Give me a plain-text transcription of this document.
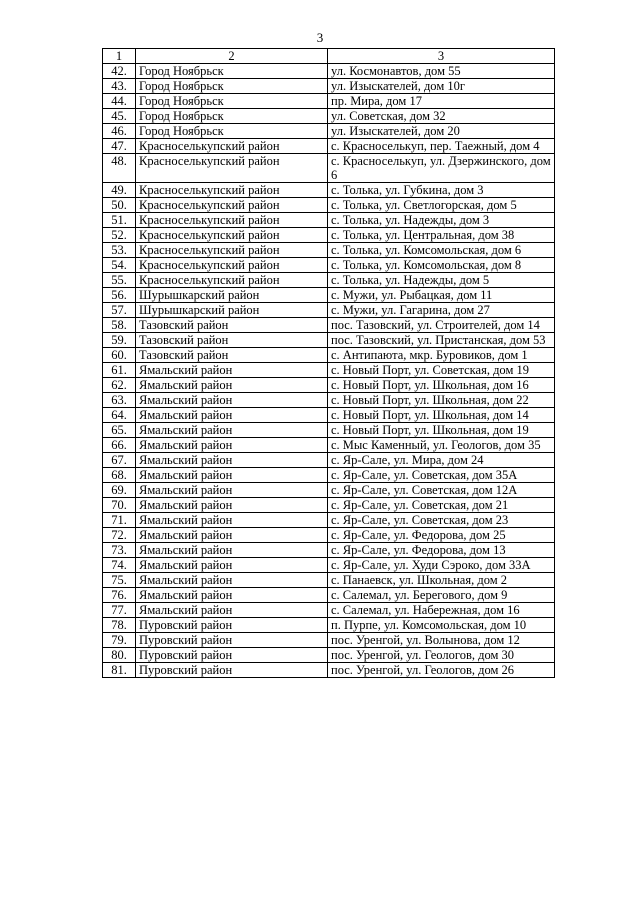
3
1	2	3
42.	Город Ноябрьск	ул. Космонавтов, дом 55
43.	Город Ноябрьск	ул. Изыскателей, дом 10г
44.	Город Ноябрьск	пр. Мира, дом 17
45.	Город Ноябрьск	ул. Советская, дом 32
46.	Город Ноябрьск	ул. Изыскателей, дом 20
47.	Красноселькупский район	с. Красноселькуп, пер. Таежный, дом 4
48.	Красноселькупский район	с. Красноселькуп, ул. Дзержинского, дом 6
49.	Красноселькупский район	с. Толька, ул. Губкина, дом 3
50.	Красноселькупский район	с. Толька, ул. Светлогорская, дом 5
51.	Красноселькупский район	с. Толька, ул. Надежды, дом 3
52.	Красноселькупский район	с. Толька, ул. Центральная, дом 38
53.	Красноселькупский район	с. Толька, ул. Комсомольская, дом 6
54.	Красноселькупский район	с. Толька, ул. Комсомольская, дом 8
55.	Красноселькупский район	с. Толька, ул. Надежды, дом 5
56.	Шурышкарский район	с. Мужи, ул. Рыбацкая, дом 11
57.	Шурышкарский район	с. Мужи, ул. Гагарина, дом 27
58.	Тазовский район	пос. Тазовский, ул. Строителей, дом 14
59.	Тазовский район	пос. Тазовский, ул. Пристанская, дом 53
60.	Тазовский район	с. Антипаюта, мкр. Буровиков, дом 1
61.	Ямальский район	с. Новый Порт, ул. Советская, дом 19
62.	Ямальский район	с. Новый Порт, ул. Школьная, дом 16
63.	Ямальский район	с. Новый Порт, ул. Школьная, дом 22
64.	Ямальский район	с. Новый Порт, ул. Школьная, дом 14
65.	Ямальский район	с. Новый Порт, ул. Школьная, дом 19
66.	Ямальский район	с. Мыс Каменный, ул. Геологов, дом 35
67.	Ямальский район	с. Яр-Сале, ул. Мира, дом 24
68.	Ямальский район	с. Яр-Сале, ул. Советская, дом 35А
69.	Ямальский район	с. Яр-Сале, ул. Советская, дом 12А
70.	Ямальский район	с. Яр-Сале, ул. Советская, дом 21
71.	Ямальский район	с. Яр-Сале, ул. Советская, дом 23
72.	Ямальский район	с. Яр-Сале, ул. Федорова, дом 25
73.	Ямальский район	с. Яр-Сале, ул. Федорова, дом 13
74.	Ямальский район	с. Яр-Сале, ул. Худи Сэроко, дом 33А
75.	Ямальский район	с. Панаевск, ул. Школьная, дом 2
76.	Ямальский район	с. Салемал, ул. Берегового, дом 9
77.	Ямальский район	с. Салемал, ул. Набережная, дом 16
78.	Пуровский район	п. Пурпе, ул. Комсомольская, дом 10
79.	Пуровский район	пос. Уренгой, ул. Волынова, дом 12
80.	Пуровский район	пос. Уренгой, ул. Геологов, дом 30
81.	Пуровский район	пос. Уренгой, ул. Геологов, дом 26
